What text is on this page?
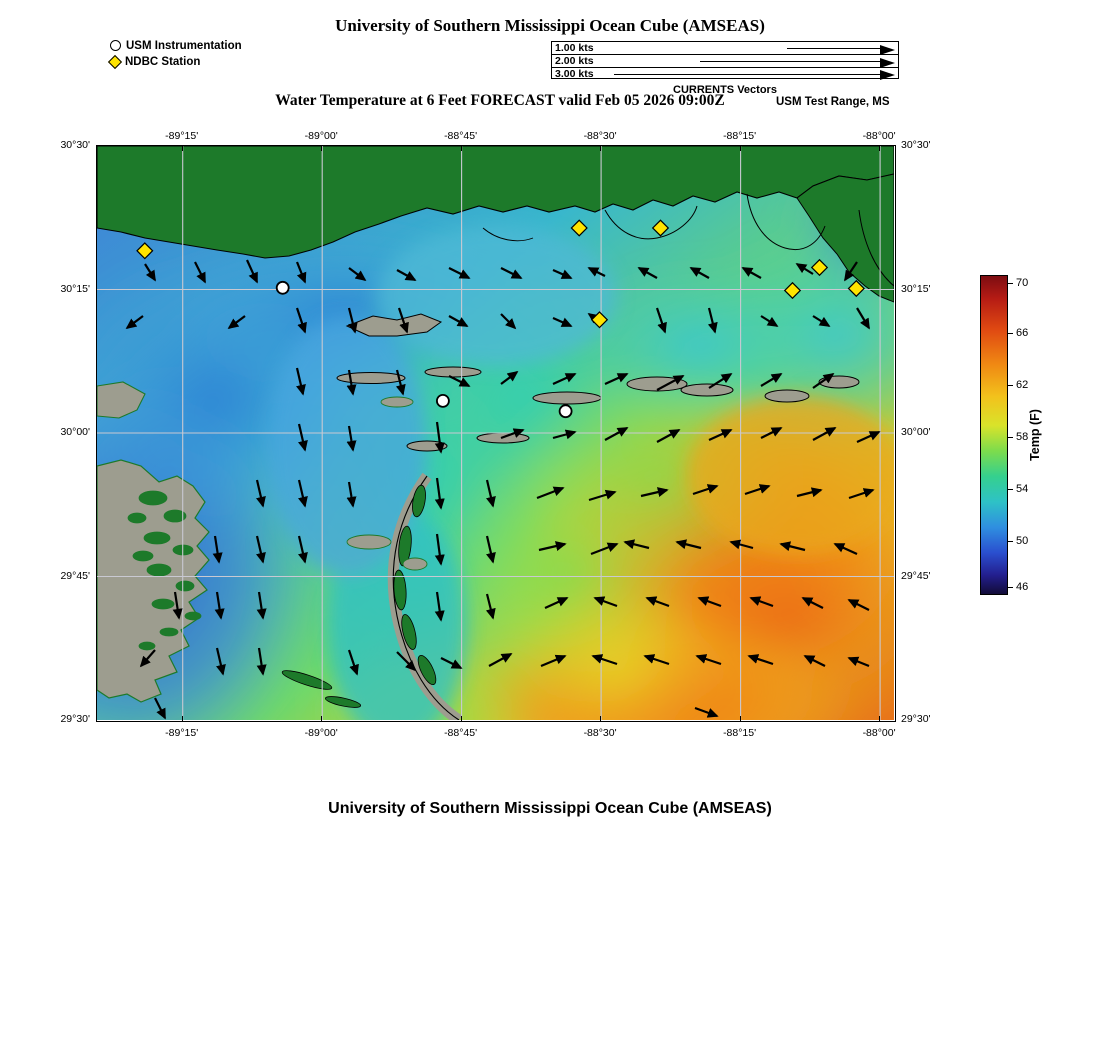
University of Southern Mississippi Ocean Cube (AMSEAS)
USM Instrumentation
NDBC Station
1.00 kts
2.00 kts
3.00 kts
CURRENTS Vectors
Water Temperature at 6 Feet FORECAST valid Feb 05 2026 09:00Z	USM Test Range, MS
-89°15'	-89°00'	-88°45'	-88°30'	-88°15'	-88°00'
-89°15'	-89°00'	-88°45'	-88°30'	-88°15'	-88°00'
30°30'
30°15'
30°00'
29°45'
29°30'
30°30'
30°15'
30°00'
29°45'
29°30'
70
66
62
58
54
50
46
Temp (F)
University of Southern Mississippi Ocean Cube (AMSEAS)
